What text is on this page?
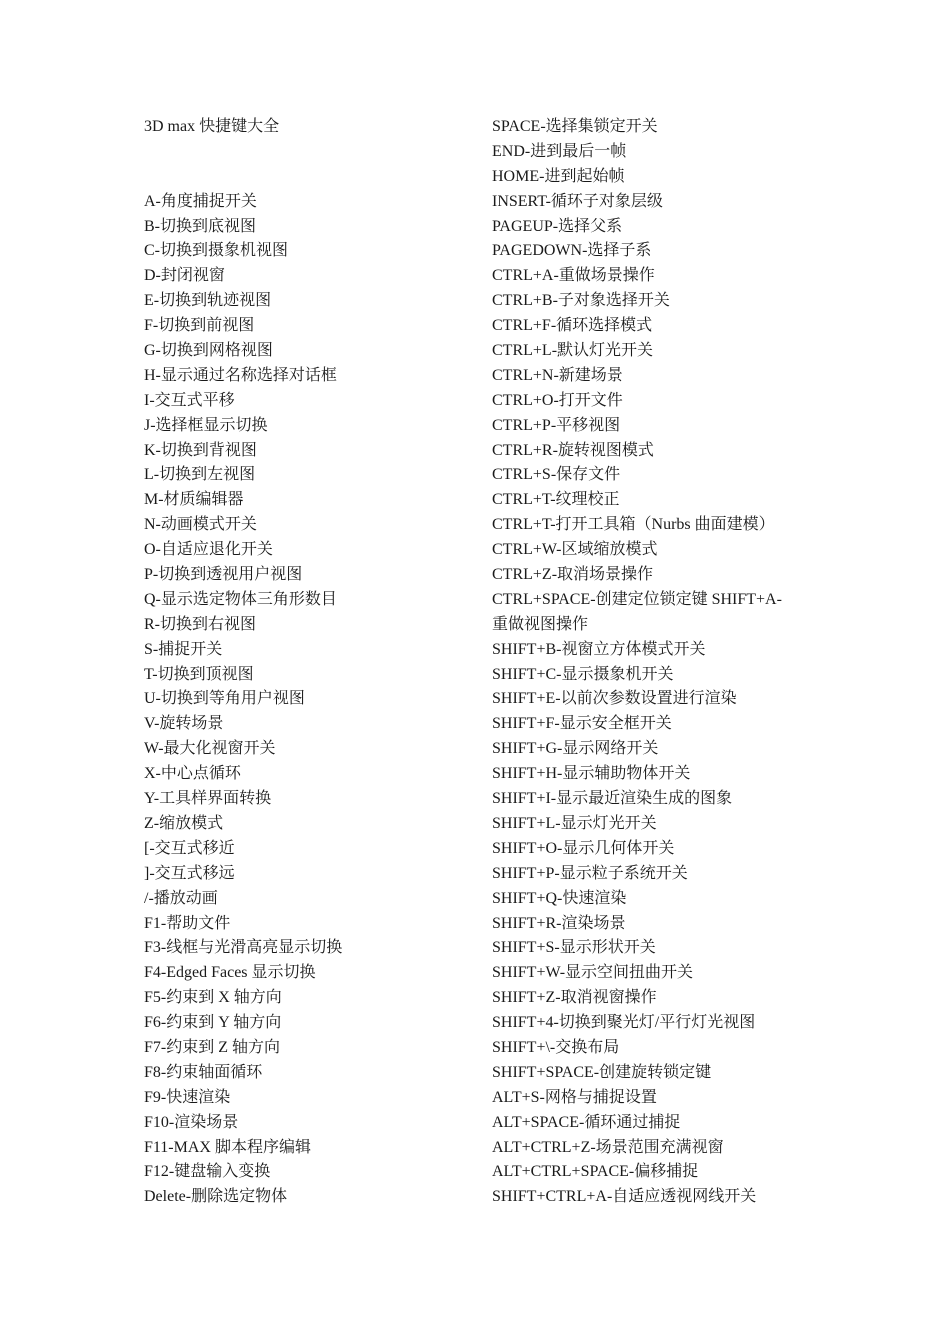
3D max 快捷键大全
A-角度捕捉开关
B-切换到底视图
C-切换到摄象机视图
D-封闭视窗
E-切换到轨迹视图
F-切换到前视图
G-切换到网格视图
H-显示通过名称选择对话框
I-交互式平移
J-选择框显示切换
K-切换到背视图
L-切换到左视图
M-材质编辑器
N-动画模式开关
O-自适应退化开关
P-切换到透视用户视图
Q-显示选定物体三角形数目
R-切换到右视图
S-捕捉开关
T-切换到顶视图
U-切换到等角用户视图
V-旋转场景
W-最大化视窗开关
X-中心点循环
Y-工具样界面转换
Z-缩放模式
[-交互式移近
]-交互式移远
/-播放动画
F1-帮助文件
F3-线框与光滑高亮显示切换
F4-Edged Faces 显示切换
F5-约束到 X 轴方向
F6-约束到 Y 轴方向
F7-约束到 Z 轴方向
F8-约束轴面循环
F9-快速渲染
F10-渲染场景
F11-MAX 脚本程序编辑
F12-键盘输入变换
Delete-删除选定物体
SPACE-选择集锁定开关
END-进到最后一帧
HOME-进到起始帧
INSERT-循环子对象层级
PAGEUP-选择父系
PAGEDOWN-选择子系
CTRL+A-重做场景操作
CTRL+B-子对象选择开关
CTRL+F-循环选择模式
CTRL+L-默认灯光开关
CTRL+N-新建场景
CTRL+O-打开文件
CTRL+P-平移视图
CTRL+R-旋转视图模式
CTRL+S-保存文件
CTRL+T-纹理校正
CTRL+T-打开工具箱（Nurbs 曲面建模）
CTRL+W-区域缩放模式
CTRL+Z-取消场景操作
CTRL+SPACE-创建定位锁定键 SHIFT+A-
重做视图操作
SHIFT+B-视窗立方体模式开关
SHIFT+C-显示摄象机开关
SHIFT+E-以前次参数设置进行渲染
SHIFT+F-显示安全框开关
SHIFT+G-显示网络开关
SHIFT+H-显示辅助物体开关
SHIFT+I-显示最近渲染生成的图象
SHIFT+L-显示灯光开关
SHIFT+O-显示几何体开关
SHIFT+P-显示粒子系统开关
SHIFT+Q-快速渲染
SHIFT+R-渲染场景
SHIFT+S-显示形状开关
SHIFT+W-显示空间扭曲开关
SHIFT+Z-取消视窗操作
SHIFT+4-切换到聚光灯/平行灯光视图
SHIFT+\-交换布局
SHIFT+SPACE-创建旋转锁定键
ALT+S-网格与捕捉设置
ALT+SPACE-循环通过捕捉
ALT+CTRL+Z-场景范围充满视窗
ALT+CTRL+SPACE-偏移捕捉
SHIFT+CTRL+A-自适应透视网线开关
